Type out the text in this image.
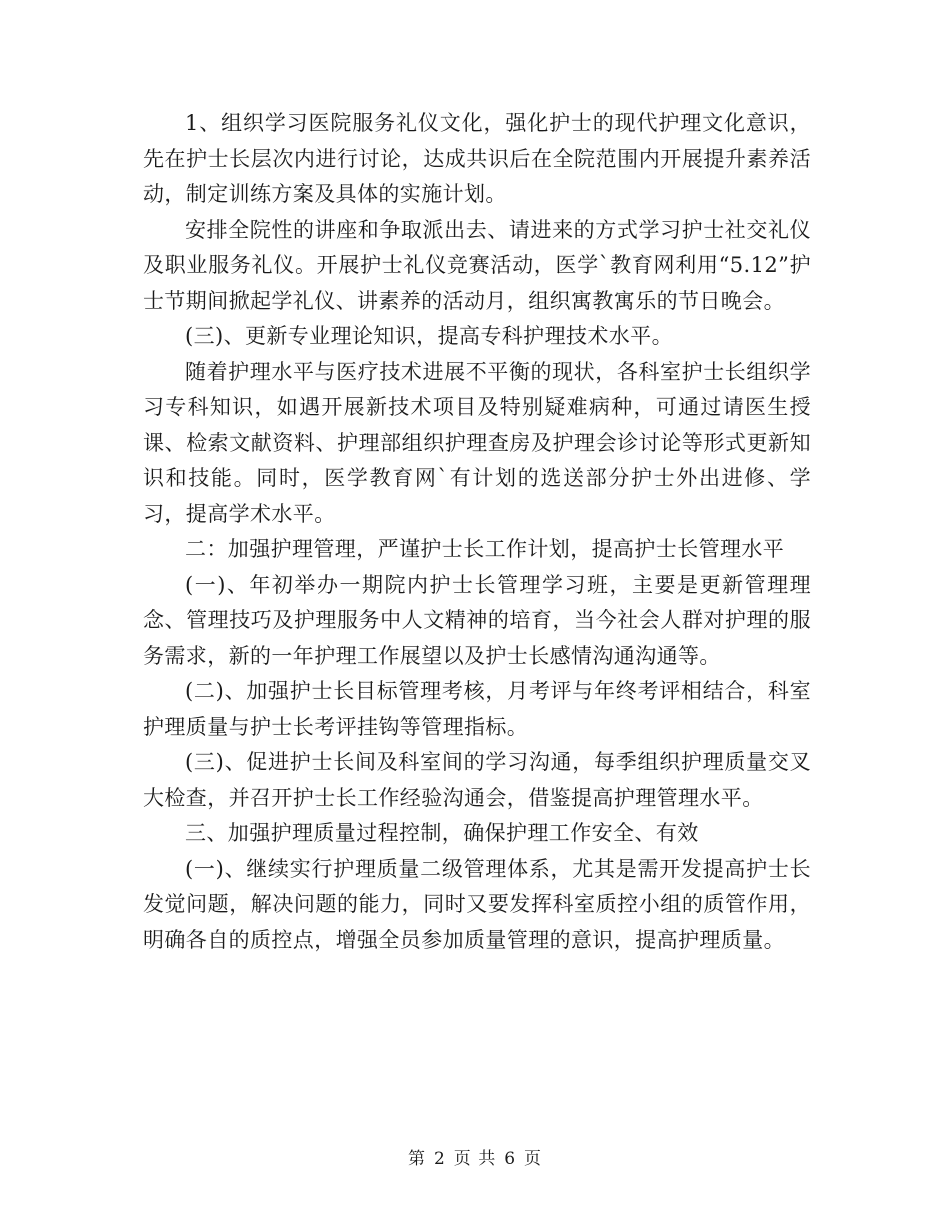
1、组织学习医院服务礼仪文化，强化护士的现代护理文化意识，先在护士长层次内进行讨论，达成共识后在全院范围内开展提升素养活动，制定训练方案及具体的实施计划。

安排全院性的讲座和争取派出去、请进来的方式学习护士社交礼仪及职业服务礼仪。开展护士礼仪竞赛活动，医学`教育网利用“5.12”护士节期间掀起学礼仪、讲素养的活动月，组织寓教寓乐的节日晚会。

(三)、更新专业理论知识，提高专科护理技术水平。

随着护理水平与医疗技术进展不平衡的现状，各科室护士长组织学习专科知识，如遇开展新技术项目及特别疑难病种，可通过请医生授课、检索文献资料、护理部组织护理查房及护理会诊讨论等形式更新知识和技能。同时，医学教育网`有计划的选送部分护士外出进修、学习，提高学术水平。

二：加强护理管理，严谨护士长工作计划，提高护士长管理水平

(一)、年初举办一期院内护士长管理学习班，主要是更新管理理念、管理技巧及护理服务中人文精神的培育，当今社会人群对护理的服务需求，新的一年护理工作展望以及护士长感情沟通沟通等。

(二)、加强护士长目标管理考核，月考评与年终考评相结合，科室护理质量与护士长考评挂钩等管理指标。

(三)、促进护士长间及科室间的学习沟通，每季组织护理质量交叉大检查，并召开护士长工作经验沟通会，借鉴提高护理管理水平。

三、加强护理质量过程控制，确保护理工作安全、有效

(一)、继续实行护理质量二级管理体系，尤其是需开发提高护士长发觉问题，解决问题的能力，同时又要发挥科室质控小组的质管作用，明确各自的质控点，增强全员参加质量管理的意识，提高护理质量。

第 2 页 共 6 页
